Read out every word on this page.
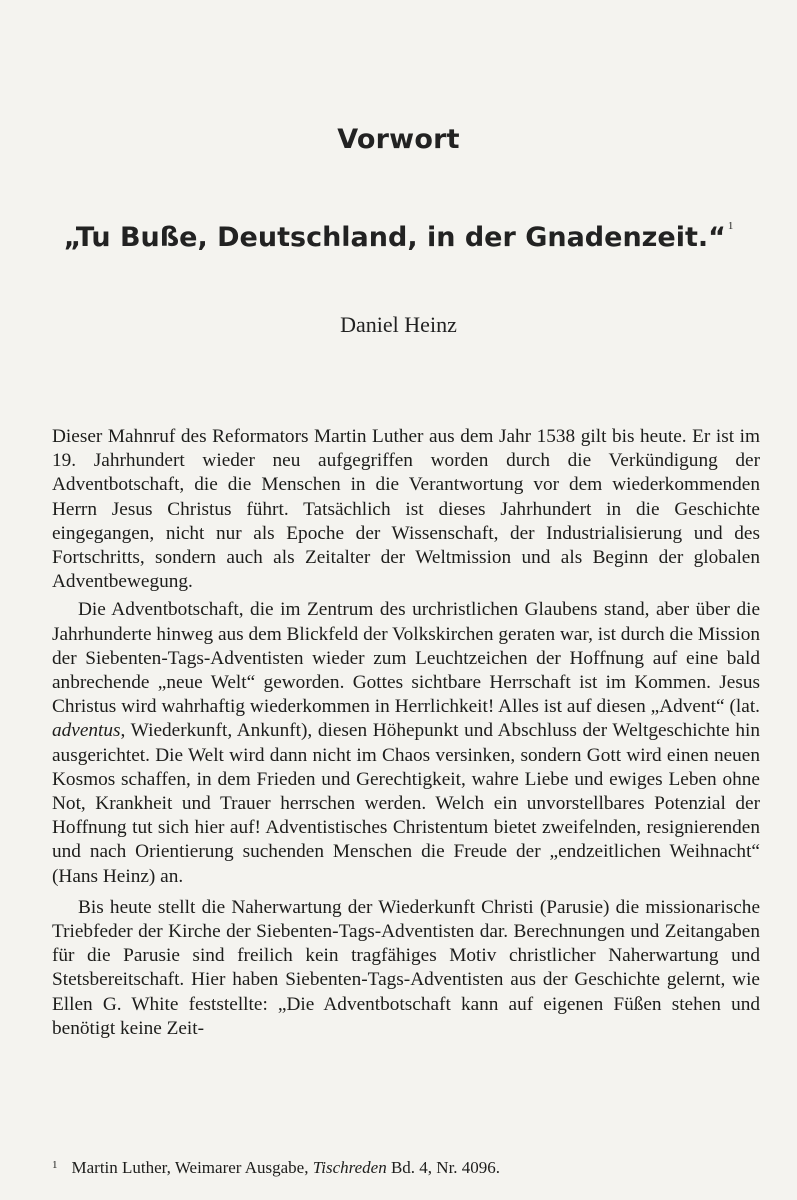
Vorwort
„Tu Buße, Deutschland, in der Gnadenzeit.“ $^1$
Daniel Heinz

Dieser Mahnruf des Reformators Martin Luther aus dem Jahr 1538 gilt bis heute. Er ist im 19. Jahrhundert wieder neu aufgegriffen worden durch die Verkündigung der Adventbotschaft, die die Menschen in die Verantwortung vor dem wiederkommenden Herrn Jesus Christus führt. Tatsächlich ist dieses Jahrhundert in die Geschichte eingegangen, nicht nur als Epoche der Wissenschaft, der Industrialisierung und des Fortschritts, sondern auch als Zeitalter der Weltmission und als Beginn der globalen Adventbewegung.

Die Adventbotschaft, die im Zentrum des urchristlichen Glaubens stand, aber über die Jahrhunderte hinweg aus dem Blickfeld der Volkskirchen geraten war, ist durch die Mission der Siebenten-Tags-Adventisten wieder zum Leuchtzeichen der Hoffnung auf eine bald anbrechende „neue Welt“ geworden. Gottes sichtbare Herrschaft ist im Kommen. Jesus Christus wird wahrhaftig wiederkommen in Herrlichkeit! Alles ist auf diesen „Advent“ (lat. adventus, Wiederkunft, Ankunft), diesen Höhepunkt und Abschluss der Weltgeschichte hin ausgerichtet. Die Welt wird dann nicht im Chaos versinken, sondern Gott wird einen neuen Kosmos schaffen, in dem Frieden und Gerechtigkeit, wahre Liebe und ewiges Leben ohne Not, Krankheit und Trauer herrschen werden. Welch ein unvorstellbares Potenzial der Hoffnung tut sich hier auf! Adventistisches Christentum bietet zweifelnden, resignierenden und nach Orientierung suchenden Menschen die Freude der „endzeitlichen Weihnacht“ (Hans Heinz) an.

Bis heute stellt die Naherwartung der Wiederkunft Christi (Parusie) die missionarische Triebfeder der Kirche der Siebenten-Tags-Adventisten dar. Berechnungen und Zeitangaben für die Parusie sind freilich kein tragfähiges Motiv christlicher Naherwartung und Stetsbereitschaft. Hier haben Siebenten-Tags-Adventisten aus der Geschichte gelernt, wie Ellen G. White feststellte: „Die Adventbotschaft kann auf eigenen Füßen stehen und benötigt keine Zeit-

$^1$ Martin Luther, Weimarer Ausgabe, Tischreden Bd. 4, Nr. 4096.
